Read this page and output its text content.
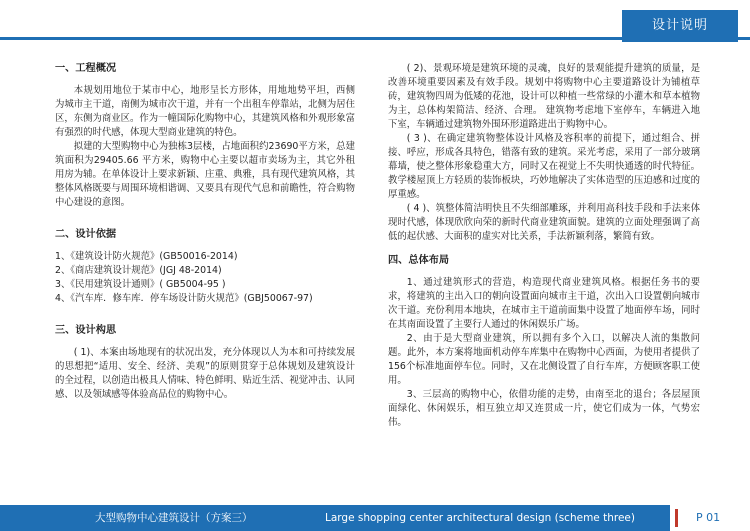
设计说明
一、工程概况

本规划用地位于某市中心，地形呈长方形体，用地地势平坦，西侧为城市主干道，南侧为城市次干道，并有一个出租车停靠站，北侧为居住区，东侧为商业区。作为一幢国际化购物中心，其建筑风格和外观形象富有强烈的时代感，体现大型商业建筑的特色。

拟建的大型购物中心为独栋3层楼，占地面积约23690平方米，总建筑面积为29405.66 平方米，购物中心主要以超市卖场为主，其它外租用房为辅。在单体设计上要求新颖、庄重、典雅，具有现代建筑风格，其整体风格既要与周围环境相谐调、又要具有现代气息和前瞻性，符合购物中心建设的意图。

二、设计依据

1、《建筑设计防火规范》(GB50016-2014)

2、《商店建筑设计规范》(JGJ 48-2014)

3、《民用建筑设计通则》( GB5004-95 )

4、《汽车库．修车库．停车场设计防火规范》(GBJ50067-97)

三、设计构思

( 1)、本案由场地现有的状况出发，充分体现以人为本和可持续发展的思想把“适用、安全、经济、美观”的原则贯穿于总体规划及建筑设计的全过程，以创造出极具人情味、特色鲜明、贴近生活、视觉冲击、认同感、以及领域感等体验高品位的购物中心。

( 2)、景观环境是建筑环境的灵魂，良好的景观能提升建筑的质量，是改善环境重要因素及有效手段。规划中将购物中心主要道路设计为铺植草砖，建筑物四周为低矮的花池，设计可以种植一些常绿的小灌木和草本植物为主，总体构架简洁、经济、合理。 建筑物考虑地下室停车，车辆进入地下室，车辆通过建筑物外围环形道路进出于购物中心。

( 3 )、在确定建筑物整体设计风格及容积率的前提下，通过组合、拼接、呼应，形成各具特色，错落有致的建筑。采光考虑，采用了一部分玻璃幕墙，使之整体形象稳重大方，同时又在视觉上不失明快通透的时代特征。教学楼屋顶上方轻质的装饰板块，巧妙地解决了实体造型的压迫感和过度的厚重感。

( 4 )、筑整体简洁明快且不失细部雕琢，并利用高科技手段和手法来体现时代感，体现欣欣向荣的新时代商业建筑面貌。建筑的立面处理强调了高低的起伏感、大面积的虚实对比关系，手法新颖利落，繁简有致。

四、总体布局

1、通过建筑形式的营造，构造现代商业建筑风格。根据任务书的要求，将建筑的主出入口的朝向设置面向城市主干道，次出入口设置朝向城市次干道。充份利用本地块，在城市主干道前面集中设置了地面停车场，同时在其南面设置了主要行人通过的休闲娱乐广场。

2、由于是大型商业建筑，所以拥有多个入口，以解决人流的集散问题。此外，本方案将地面机动停车库集中在购物中心西面，为使用者提供了156个标准地面停车位。同时，又在北侧设置了自行车库，方便顾客职工使用。

3、三层高的购物中心，依借功能的走势，由南至北的退台；各层屋顶面绿化、休闲娱乐，相互独立却又连贯成一片，使它们成为一体，气势宏伟。

大型购物中心建筑设计（方案三）	Large shopping center architectural design (scheme three)	P 01
